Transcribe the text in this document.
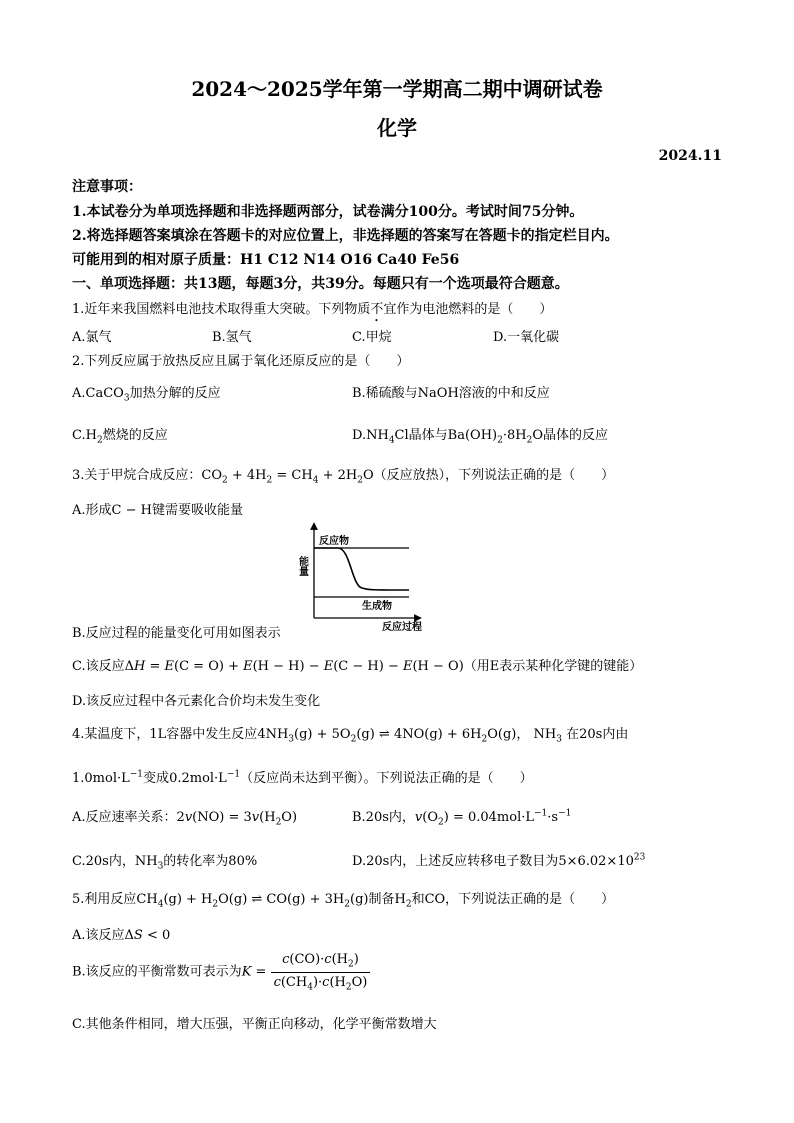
2024～2025学年第一学期高二期中调研试卷
化学
2024.11
注意事项：
1.本试卷分为单项选择题和非选择题两部分，试卷满分100分。考试时间75分钟。
2.将选择题答案填涂在答题卡的对应位置上，非选择题的答案写在答题卡的指定栏目内。
可能用到的相对原子质量：H1 C12 N14 O16 Ca40 Fe56
一、单项选择题：共13题，每题3分，共39分。每题只有一个选项最符合题意。
1.近年来我国燃料电池技术取得重大突破。下列物质不宜作为电池燃料的是（　　）
A.氯气	B.氢气	C.甲烷	D.一氧化碳
2.下列反应属于放热反应且属于氧化还原反应的是（　　）
A.CaCO$_3$加热分解的反应	B.稀硫酸与NaOH溶液的中和反应
$C.H_2$燃烧的反应	$D.NH_4Cl$晶体与$Ba(OH)_2\cdot 8H_2O$晶体的反应
3.关于甲烷合成反应：$CO_2 + 4H_2 = CH_4 + 2H_2O$（反应放热），下列说法正确的是（　　）
A.形成C − H键需要吸收能量
能量
反应物
生成物
反应过程
B.反应过程的能量变化可用如图表示
C.该反应ΔH = E(C = O) + E(H − H) − E(C − H) − E(H − O)（用E表示某种化学键的键能）
D.该反应过程中各元素化合价均未发生变化
4.某温度下，1L容器中发生反应$4NH_3(g) + 5O_2(g)$ ⇌ $4NO(g) + 6H_2O(g)$， $NH_3$ 在20s内由
$1.0mol\cdot L^{-1}$变成$0.2mol\cdot L^{-1}$（反应尚未达到平衡）。下列说法正确的是（　　）
A.反应速率关系：$2v(NO) = 3v(H_2O)$	B.20s内，$v(O_2) = 0.04mol\cdot L^{-1}\cdot s^{-1}$
C.20s内，$NH_3$的转化率为80%	D.20s内，上述反应转移电子数目为$5\times 6.02\times 10^{23}$
5.利用反应$CH_4(g) + H_2O(g)$ ⇌ $CO(g) + 3H_2(g)$制备$H_2$和CO，下列说法正确的是（　　）
A.该反应ΔS < 0
B.该反应的平衡常数可表示为$K = \frac{c(CO)\cdot c(H_2)}{c(CH_4)\cdot c(H_2O)}$
C.其他条件相同，增大压强，平衡正向移动，化学平衡常数增大
